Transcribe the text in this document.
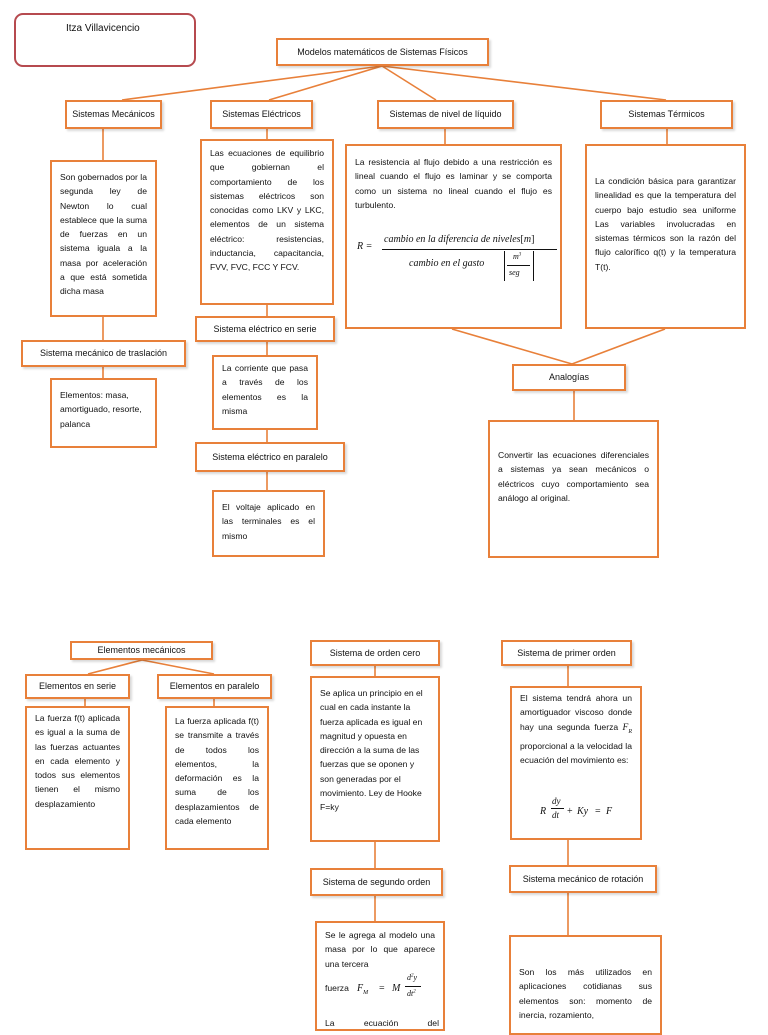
Itza Villavicencio
Modelos matemáticos de Sistemas Físicos
Sistemas Mecánicos
Son gobernados por la segunda ley de Newton lo cual establece que la suma de fuerzas en un sistema iguala a la masa por aceleración a que está sometida dicha masa
Sistema mecánico de traslación
Elementos: masa, amortiguado, resorte, palanca
Sistemas Eléctricos
Las ecuaciones de equilibrio que gobiernan el comportamiento de los sistemas eléctricos son conocidas como LKV y LKC, elementos de un sistema eléctrico: resistencias, inductancia, capacitancia, FVV, FVC, FCC Y FCV.
Sistema eléctrico en serie
La corriente que pasa a través de los elementos es la misma
Sistema eléctrico en paralelo
El voltaje aplicado en las terminales es el mismo
Sistemas de nivel de líquido
La resistencia al flujo debido a una restricción es lineal cuando el flujo es laminar y se comporta como un sistema no lineal cuando el flujo es turbulento.
R =
cambio en la diferencia de niveles[m]
cambio en el gasto
$m^3$
seg
Sistemas Térmicos
La condición básica para garantizar linealidad es que la temperatura del cuerpo bajo estudio sea uniforme Las variables involucradas en sistemas térmicos son la razón del flujo calorífico q(t) y la temperatura T(t).
Analogías
Convertir las ecuaciones diferenciales a sistemas ya sean mecánicos o eléctricos cuyo comportamiento sea análogo al original.
Elementos mecánicos
Elementos en serie
La fuerza f(t) aplicada es igual a la suma de las fuerzas actuantes en cada elemento y todos sus elementos tienen el mismo desplazamiento
Elementos en paralelo
La fuerza aplicada f(t) se transmite a través de todos los elementos, la deformación es la suma de los desplazamientos de cada elemento
Sistema de orden cero
Se aplica un principio en el cual en cada instante la fuerza aplicada es igual en magnitud y opuesta en dirección a la suma de las fuerzas que se oponen y son generadas por el movimiento. Ley de Hooke F=ky
Sistema de segundo orden
Se le agrega al modelo una masa por lo que aparece una tercera
fuerza $F_M = M$
$d^2y$
$dt^2$
La ecuación del
Sistema de primer orden
El sistema tendrá ahora un amortiguador viscoso donde hay una segunda fuerza $F_R$ proporcional a la velocidad la ecuación del movimiento es:
R
dy
dt + Ky = F
Sistema mecánico de rotación
Son los más utilizados en aplicaciones cotidianas sus elementos son: momento de inercia, rozamiento,
